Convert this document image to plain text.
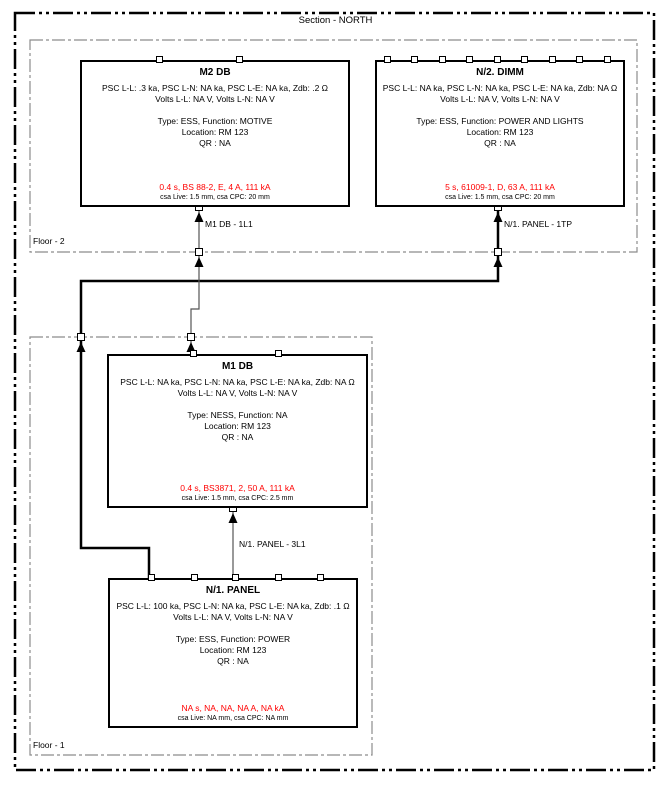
Section - NORTH
Floor - 2
Floor - 1
M2 DB
PSC L-L: .3 ka, PSC L-N: NA ka, PSC L-E: NA ka, Zdb: .2 Ω
Volts L-L: NA V, Volts L-N: NA V
Type: ESS, Function: MOTIVE
Location: RM 123
QR : NA
0.4 s, BS 88-2, E, 4 A, 111 kA
csa Live: 1.5 mm, csa CPC: 20 mm
N/2. DIMM
PSC L-L: NA ka, PSC L-N: NA ka, PSC L-E: NA ka, Zdb: NA Ω
Volts L-L: NA V, Volts L-N: NA V
Type: ESS, Function: POWER AND LIGHTS
Location: RM 123
QR : NA
5 s, 61009-1, D, 63 A, 111 kA
csa Live: 1.5 mm, csa CPC: 20 mm
M1 DB
PSC L-L: NA ka, PSC L-N: NA ka, PSC L-E: NA ka, Zdb: NA Ω
Volts L-L: NA V, Volts L-N: NA V
Type: NESS, Function: NA
Location: RM 123
QR : NA
0.4 s, BS3871, 2, 50 A, 111 kA
csa Live: 1.5 mm, csa CPC: 2.5 mm
N/1. PANEL
PSC L-L: 100 ka, PSC L-N: NA ka, PSC L-E: NA ka, Zdb: .1 Ω
Volts L-L: NA V, Volts L-N: NA V
Type: ESS, Function: POWER
Location: RM 123
QR : NA
NA s, NA, NA, NA A, NA kA
csa Live: NA mm, csa CPC: NA mm
M1 DB - 1L1	N/1. PANEL - 1TP
N/1. PANEL - 3L1
